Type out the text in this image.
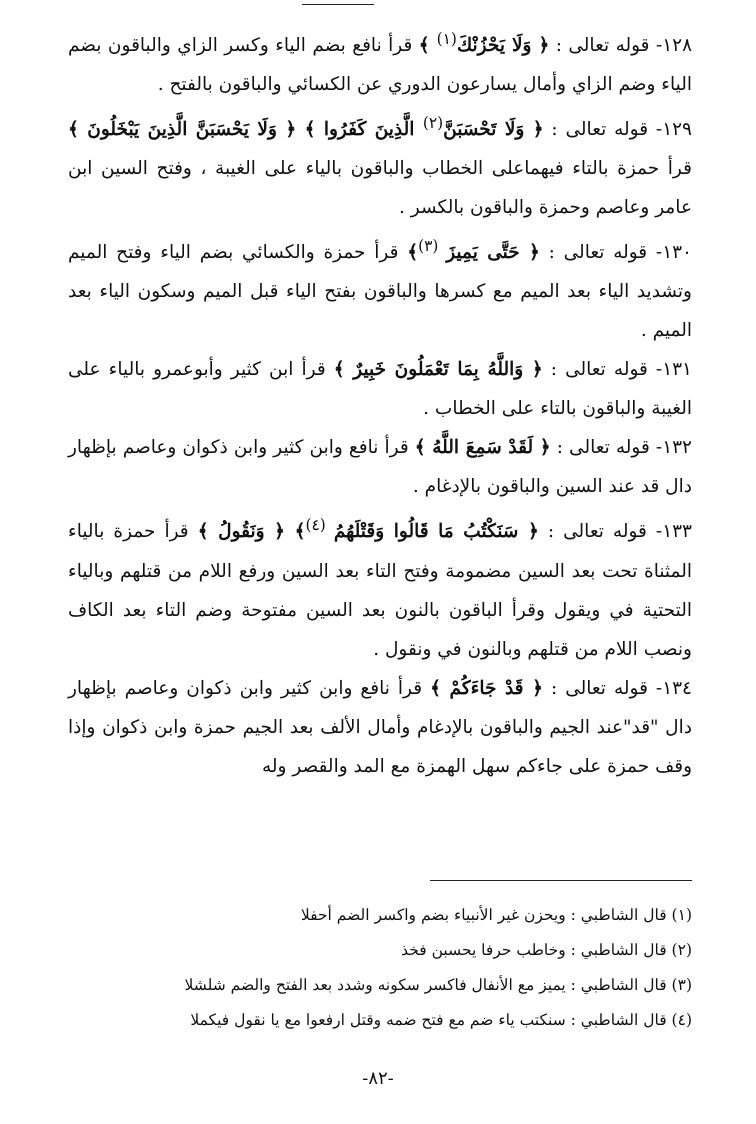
١٢٨- قوله تعالى : ﴿ وَلَا يَحْزُنْكَ$^{(١)}$ ﴾ قرأ نافع بضم الياء وكسر الزاي والباقون بضم الياء وضم الزاي وأمال يسارعون الدوري عن الكسائي والباقون بالفتح .

١٢٩- قوله تعالى : ﴿ وَلَا تَحْسَبَنَّ$^{(٢)}$ الَّذِينَ كَفَرُوا ﴾ ﴿ وَلَا يَحْسَبَنَّ الَّذِينَ يَبْخَلُونَ ﴾ قرأ حمزة بالتاء فيهماعلى الخطاب والباقون بالياء على الغيبة ، وفتح السين ابن عامر وعاصم وحمزة والباقون بالكسر .

١٣٠- قوله تعالى : ﴿ حَتَّى يَمِيزَ $^{(٣)}$﴾ قرأ حمزة والكسائي بضم الياء وفتح الميم وتشديد الياء بعد الميم مع كسرها والباقون بفتح الياء قبل الميم وسكون الياء بعد الميم .

١٣١- قوله تعالى : ﴿ وَاللَّهُ بِمَا تَعْمَلُونَ خَبِيرٌ ﴾ قرأ ابن كثير وأبوعمرو بالياء على الغيبة والباقون بالتاء على الخطاب .

١٣٢- قوله تعالى : ﴿ لَقَدْ سَمِعَ اللَّهُ ﴾ قرأ نافع وابن كثير وابن ذكوان وعاصم بإظهار دال قد عند السين والباقون بالإدغام .

١٣٣- قوله تعالى : ﴿ سَنَكْتُبُ مَا قَالُوا وَقَتْلَهُمُ $^{(٤)}$﴾ ﴿ وَنَقُولُ ﴾ قرأ حمزة بالياء المثناة تحت بعد السين مضمومة وفتح التاء بعد السين ورفع اللام من قتلهم وبالياء التحتية في ويقول وقرأ الباقون بالنون بعد السين مفتوحة وضم التاء بعد الكاف ونصب اللام من قتلهم وبالنون في ونقول .

١٣٤- قوله تعالى : ﴿ قَدْ جَاءَكُمْ ﴾ قرأ نافع وابن كثير وابن ذكوان وعاصم بإظهار دال "قد"عند الجيم والباقون بالإدغام وأمال الألف بعد الجيم حمزة وابن ذكوان وإذا وقف حمزة على جاءكم سهل الهمزة مع المد والقصر وله

(١) قال الشاطبي : ويحزن غير الأنبياء بضم واكسر الضم أحفلا
(٢) قال الشاطبي : وخاطب حرفا يحسبن فخذ
(٣) قال الشاطبي : يميز مع الأنفال فاكسر سكونه وشدد بعد الفتح والضم شلشلا
(٤) قال الشاطبي : سنكتب ياء ضم مع فتح ضمه وقتل ارفعوا مع يا نقول فيكملا
-٨٢-
